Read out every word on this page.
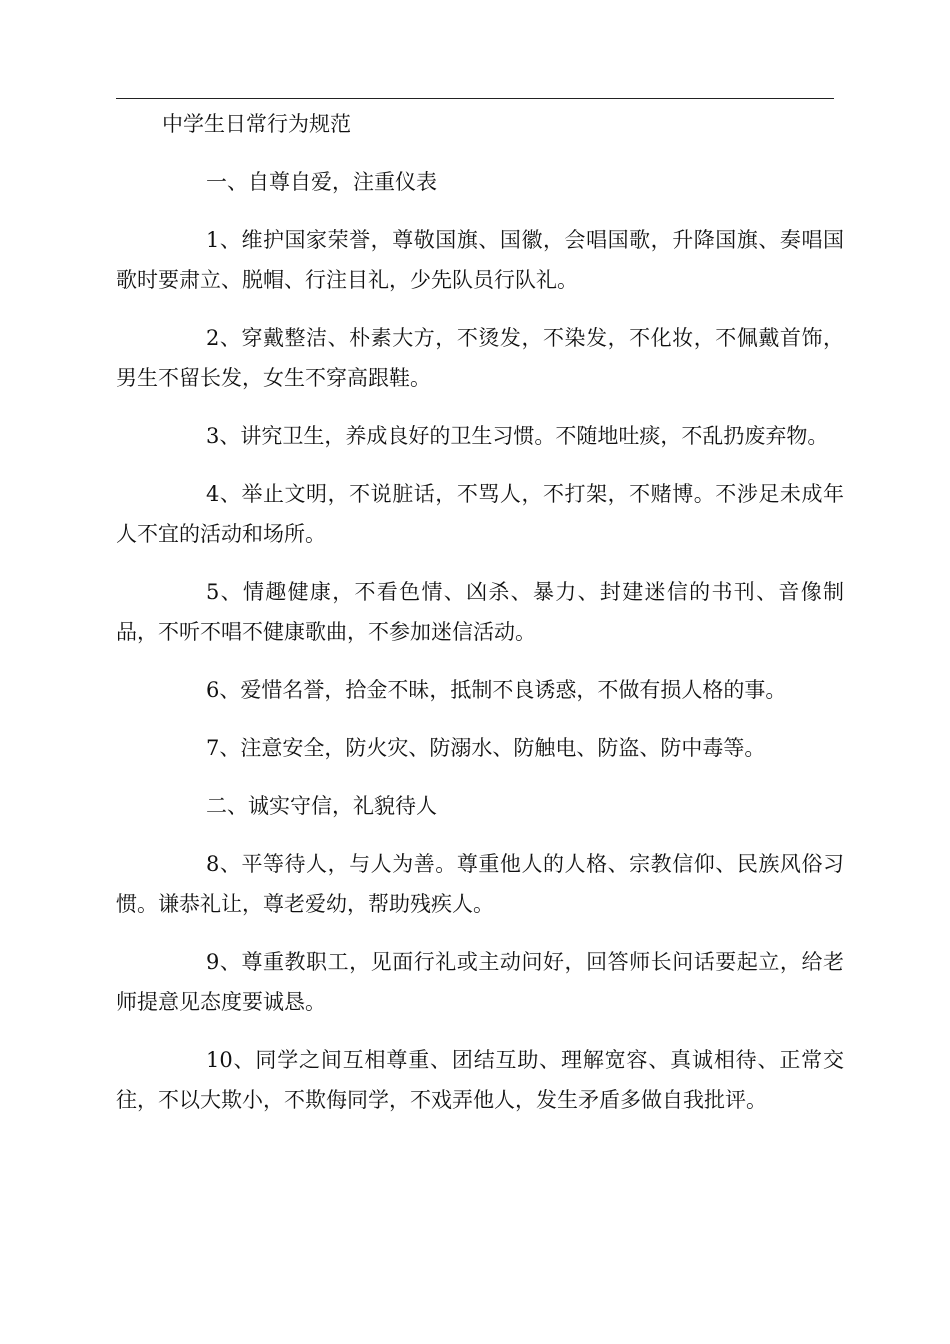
中学生日常行为规范

一、自尊自爱，注重仪表

1、维护国家荣誉，尊敬国旗、国徽，会唱国歌，升降国旗、奏唱国歌时要肃立、脱帽、行注目礼，少先队员行队礼。

2、穿戴整洁、朴素大方，不烫发，不染发，不化妆，不佩戴首饰，男生不留长发，女生不穿高跟鞋。

3、讲究卫生，养成良好的卫生习惯。不随地吐痰，不乱扔废弃物。

4、举止文明，不说脏话，不骂人，不打架，不赌博。不涉足未成年人不宜的活动和场所。

5、情趣健康，不看色情、凶杀、暴力、封建迷信的书刊、音像制品，不听不唱不健康歌曲，不参加迷信活动。

6、爱惜名誉，拾金不昧，抵制不良诱惑，不做有损人格的事。

7、注意安全，防火灾、防溺水、防触电、防盗、防中毒等。

二、诚实守信，礼貌待人

8、平等待人，与人为善。尊重他人的人格、宗教信仰、民族风俗习惯。谦恭礼让，尊老爱幼，帮助残疾人。

9、尊重教职工，见面行礼或主动问好，回答师长问话要起立，给老师提意见态度要诚恳。

10、同学之间互相尊重、团结互助、理解宽容、真诚相待、正常交往，不以大欺小，不欺侮同学，不戏弄他人，发生矛盾多做自我批评。
